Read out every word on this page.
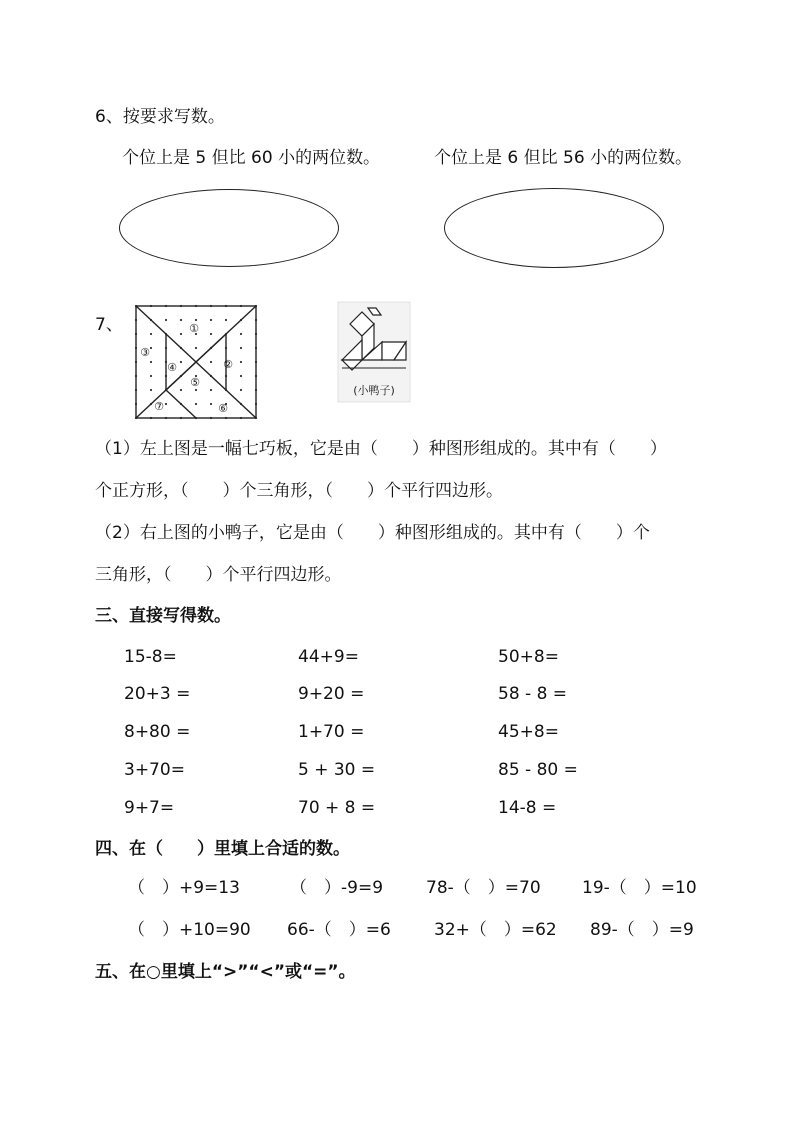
6、按要求写数。
个位上是 5 但比 60 小的两位数。	个位上是 6 但比 56 小的两位数。
7、	①
②
③
④
⑤
⑥
⑦
(小鸭子)
（1）左上图是一幅七巧板，它是由（　　）种图形组成的。其中有（　　）
个正方形，（　　）个三角形，（　　）个平行四边形。
（2）右上图的小鸭子，它是由（　　）种图形组成的。其中有（　　）个
三角形，（　　）个平行四边形。
三、直接写得数。
15-8=	44+9=	50+8=
20+3 =	9+20 =	58 - 8 =
8+80 =	1+70 =	45+8=
3+70=	5 + 30 =	85 - 80 =
9+7=	70 + 8 =	14-8 =
四、在（　　）里填上合适的数。
（　）+9=13	（　）-9=9	78-（　）=70 19-（　）=10
（　）+10=90 66-（　）=6	32+（　）=62 89-（　）=9
五、在○里填上“>”“<”或“=”。
